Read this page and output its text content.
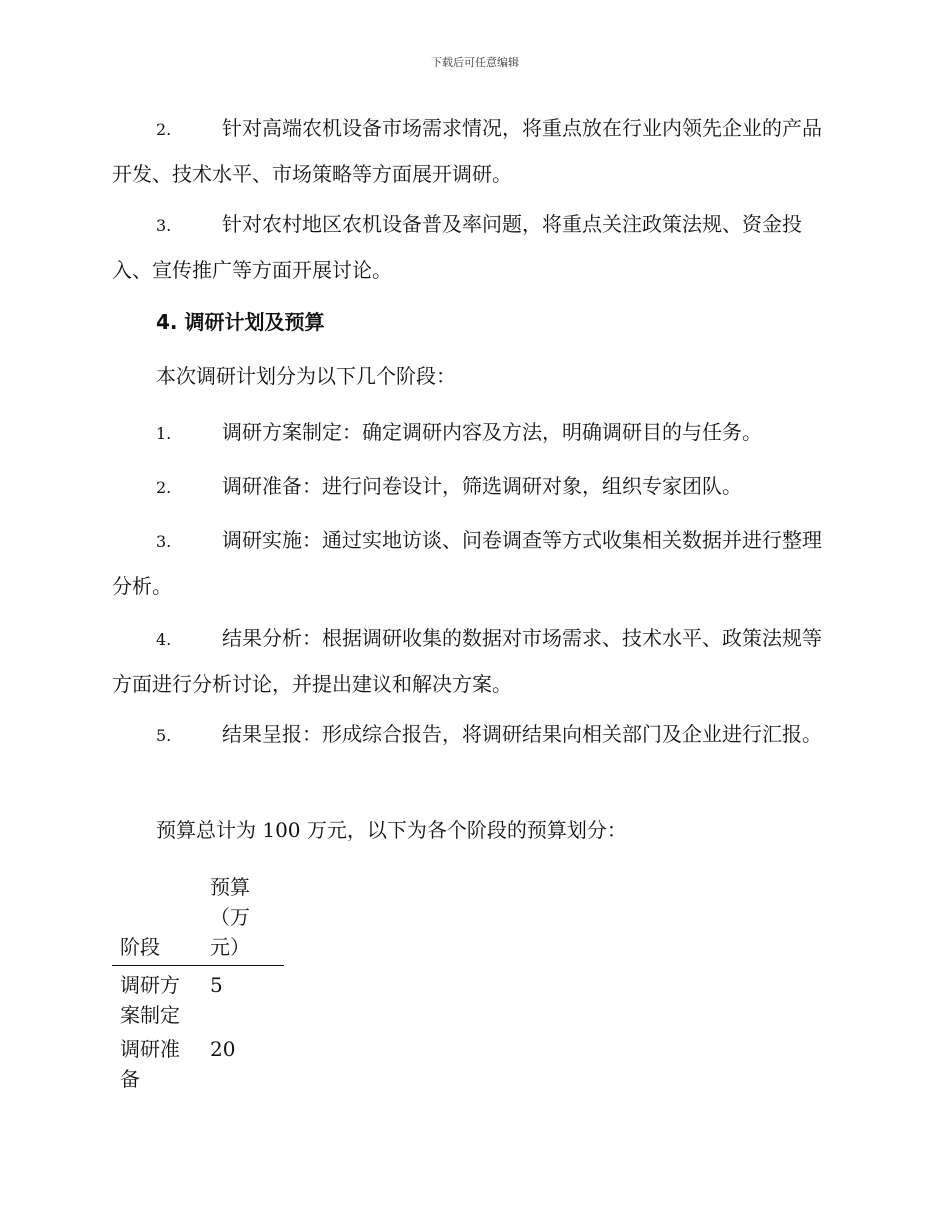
下载后可任意编辑
2.	针对高端农机设备市场需求情况，将重点放在行业内领先企业的产品开发、技术水平、市场策略等方面展开调研。
3.	针对农村地区农机设备普及率问题，将重点关注政策法规、资金投入、宣传推广等方面开展讨论。
4. 调研计划及预算
本次调研计划分为以下几个阶段：
1.	调研方案制定：确定调研内容及方法，明确调研目的与任务。
2.	调研准备：进行问卷设计，筛选调研对象，组织专家团队。
3.	调研实施：通过实地访谈、问卷调查等方式收集相关数据并进行整理分析。
4.	结果分析：根据调研收集的数据对市场需求、技术水平、政策法规等方面进行分析讨论，并提出建议和解决方案。
5.	结果呈报：形成综合报告，将调研结果向相关部门及企业进行汇报。
预算总计为 100 万元，以下为各个阶段的预算划分：
阶段	预算（万元）

调研方案制定	5

调研准备	20
